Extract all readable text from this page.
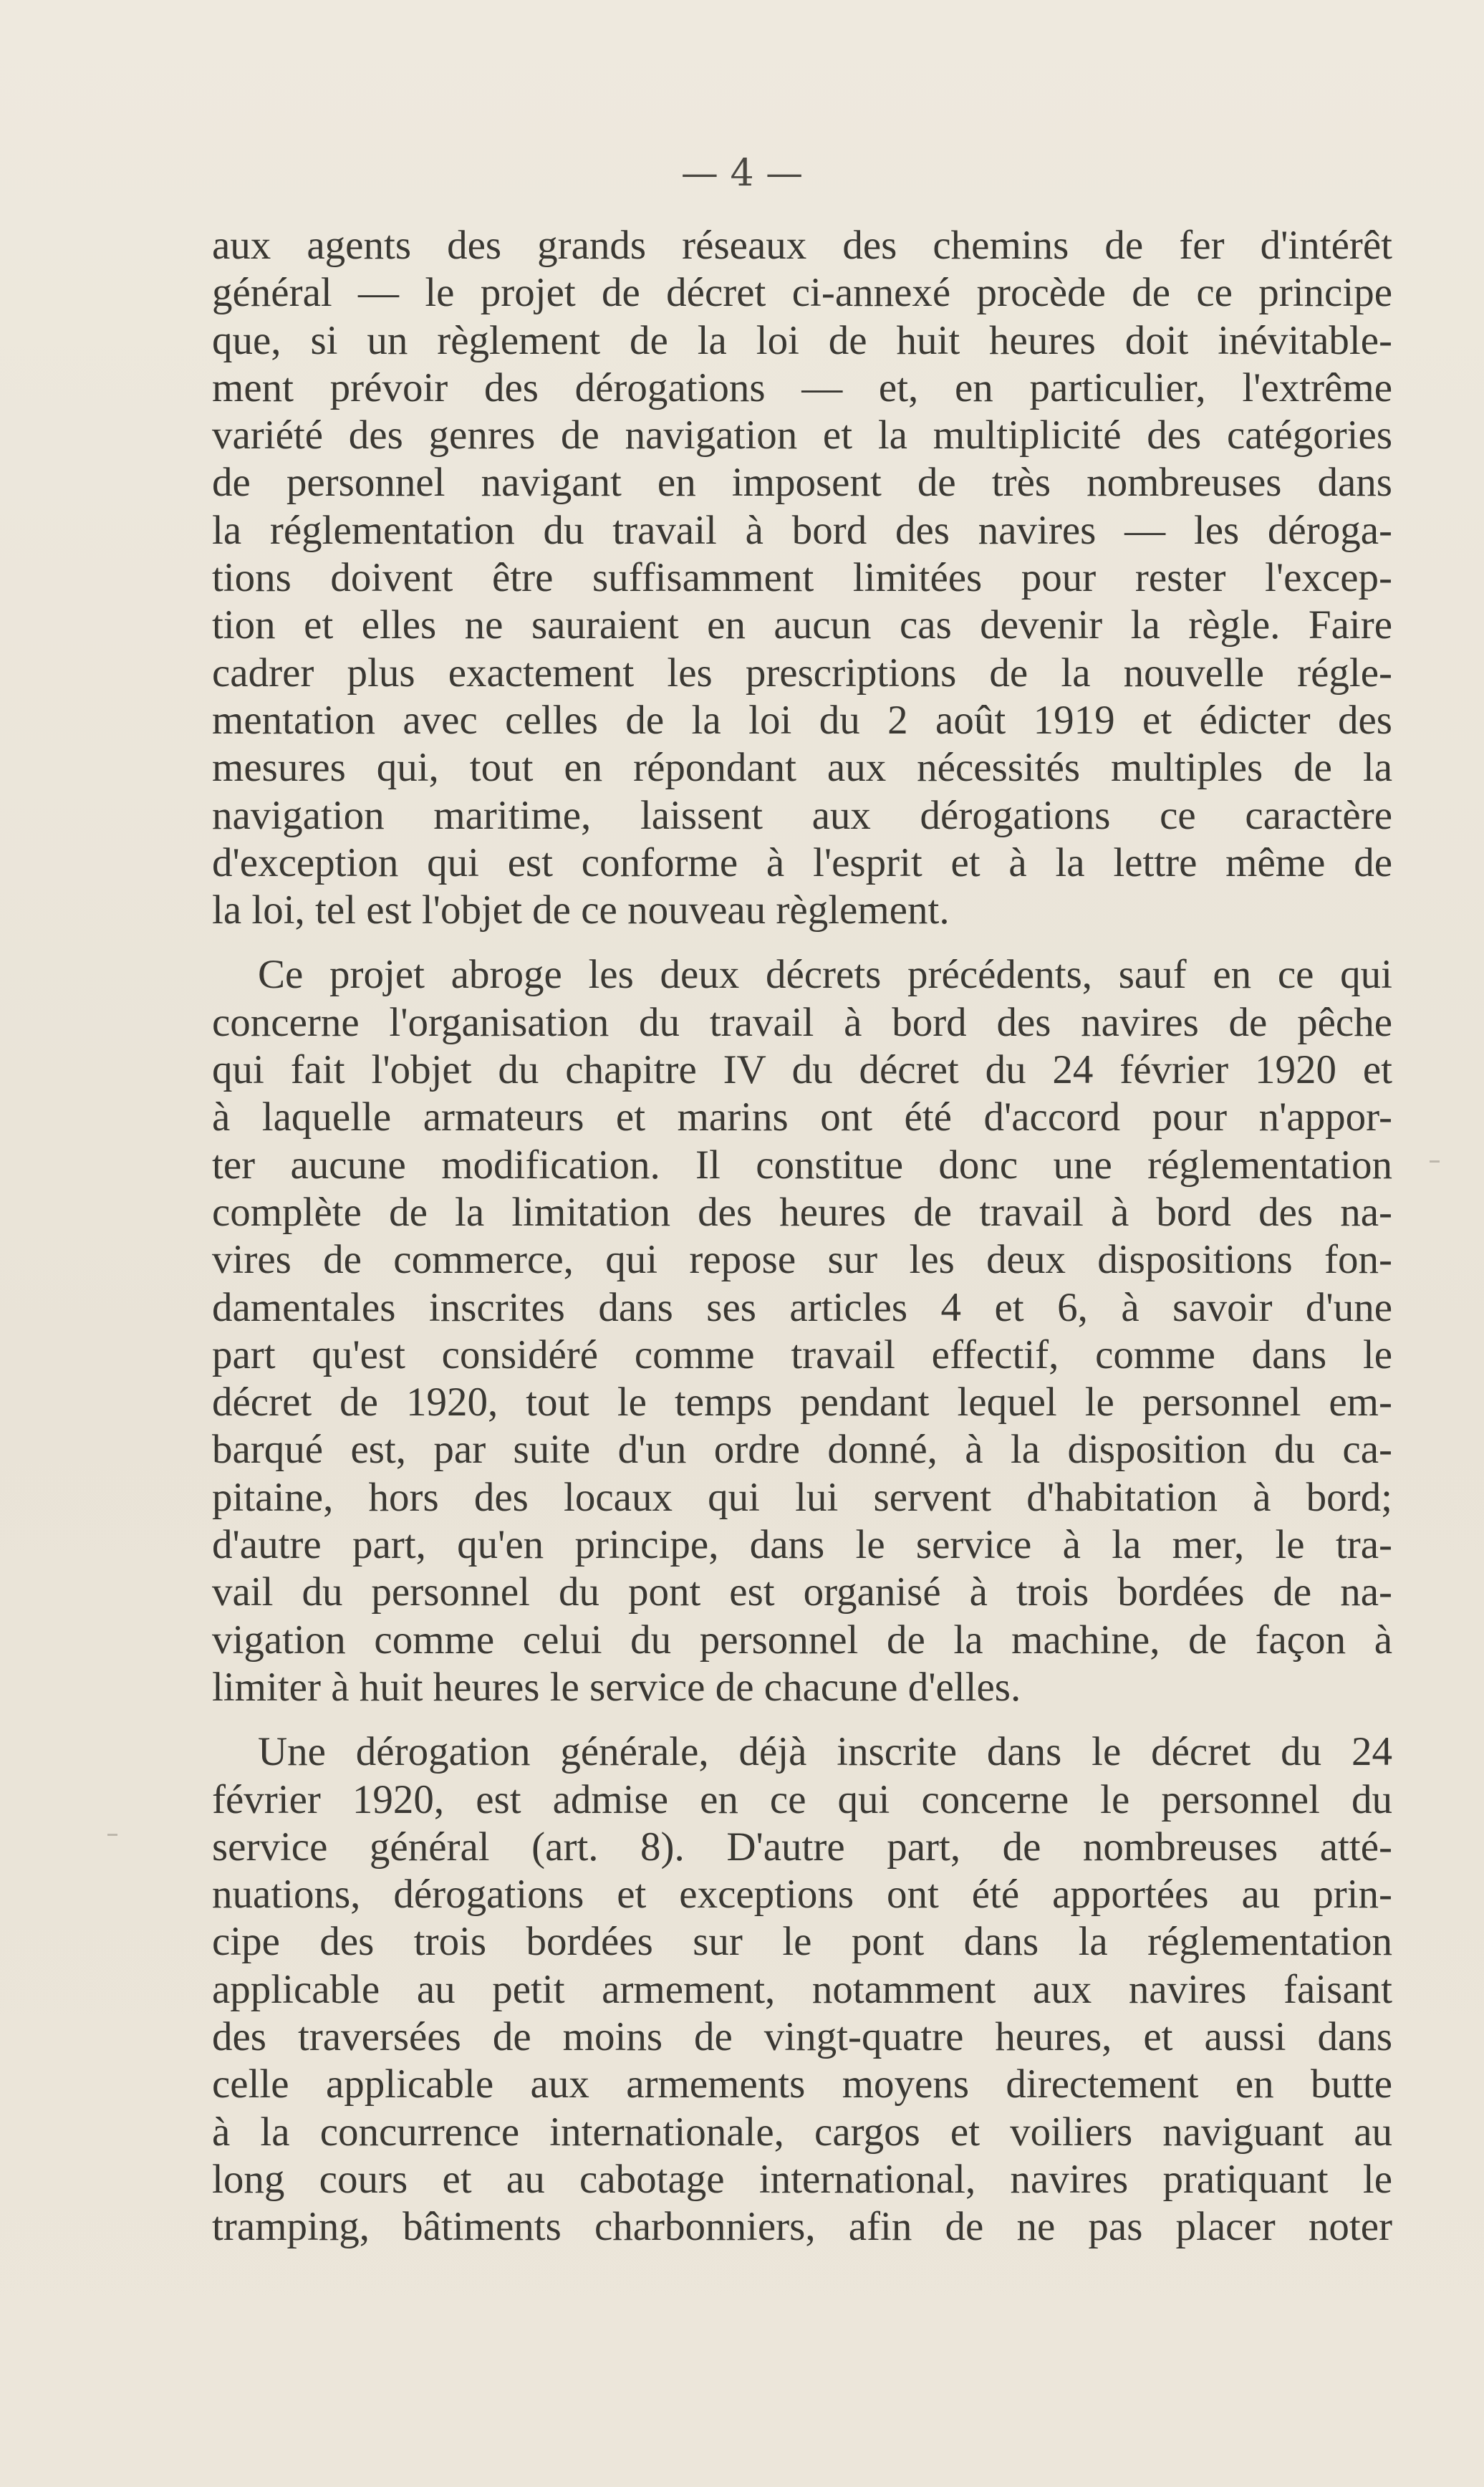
— 4 —
aux agents des grands réseaux des chemins de fer d'intérêt
général — le projet de décret ci-annexé procède de ce principe
que, si un règlement de la loi de huit heures doit inévitable-
ment prévoir des dérogations — et, en particulier, l'extrême
variété des genres de navigation et la multiplicité des catégories
de personnel navigant en imposent de très nombreuses dans
la réglementation du travail à bord des navires — les déroga-
tions doivent être suffisamment limitées pour rester l'excep-
tion et elles ne sauraient en aucun cas devenir la règle. Faire
cadrer plus exactement les prescriptions de la nouvelle régle-
mentation avec celles de la loi du 2 août 1919 et édicter des
mesures qui, tout en répondant aux nécessités multiples de la
navigation maritime, laissent aux dérogations ce caractère
d'exception qui est conforme à l'esprit et à la lettre même de
la loi, tel est l'objet de ce nouveau règlement.
Ce projet abroge les deux décrets précédents, sauf en ce qui
concerne l'organisation du travail à bord des navires de pêche
qui fait l'objet du chapitre IV du décret du 24 février 1920 et
à laquelle armateurs et marins ont été d'accord pour n'appor-
ter aucune modification. Il constitue donc une réglementation
complète de la limitation des heures de travail à bord des na-
vires de commerce, qui repose sur les deux dispositions fon-
damentales inscrites dans ses articles 4 et 6, à savoir d'une
part qu'est considéré comme travail effectif, comme dans le
décret de 1920, tout le temps pendant lequel le personnel em-
barqué est, par suite d'un ordre donné, à la disposition du ca-
pitaine, hors des locaux qui lui servent d'habitation à bord;
d'autre part, qu'en principe, dans le service à la mer, le tra-
vail du personnel du pont est organisé à trois bordées de na-
vigation comme celui du personnel de la machine, de façon à
limiter à huit heures le service de chacune d'elles.
Une dérogation générale, déjà inscrite dans le décret du 24
février 1920, est admise en ce qui concerne le personnel du
service général (art. 8). D'autre part, de nombreuses atté-
nuations, dérogations et exceptions ont été apportées au prin-
cipe des trois bordées sur le pont dans la réglementation
applicable au petit armement, notamment aux navires faisant
des traversées de moins de vingt-quatre heures, et aussi dans
celle applicable aux armements moyens directement en butte
à la concurrence internationale, cargos et voiliers naviguant au
long cours et au cabotage international, navires pratiquant le
tramping, bâtiments charbonniers, afin de ne pas placer noter
